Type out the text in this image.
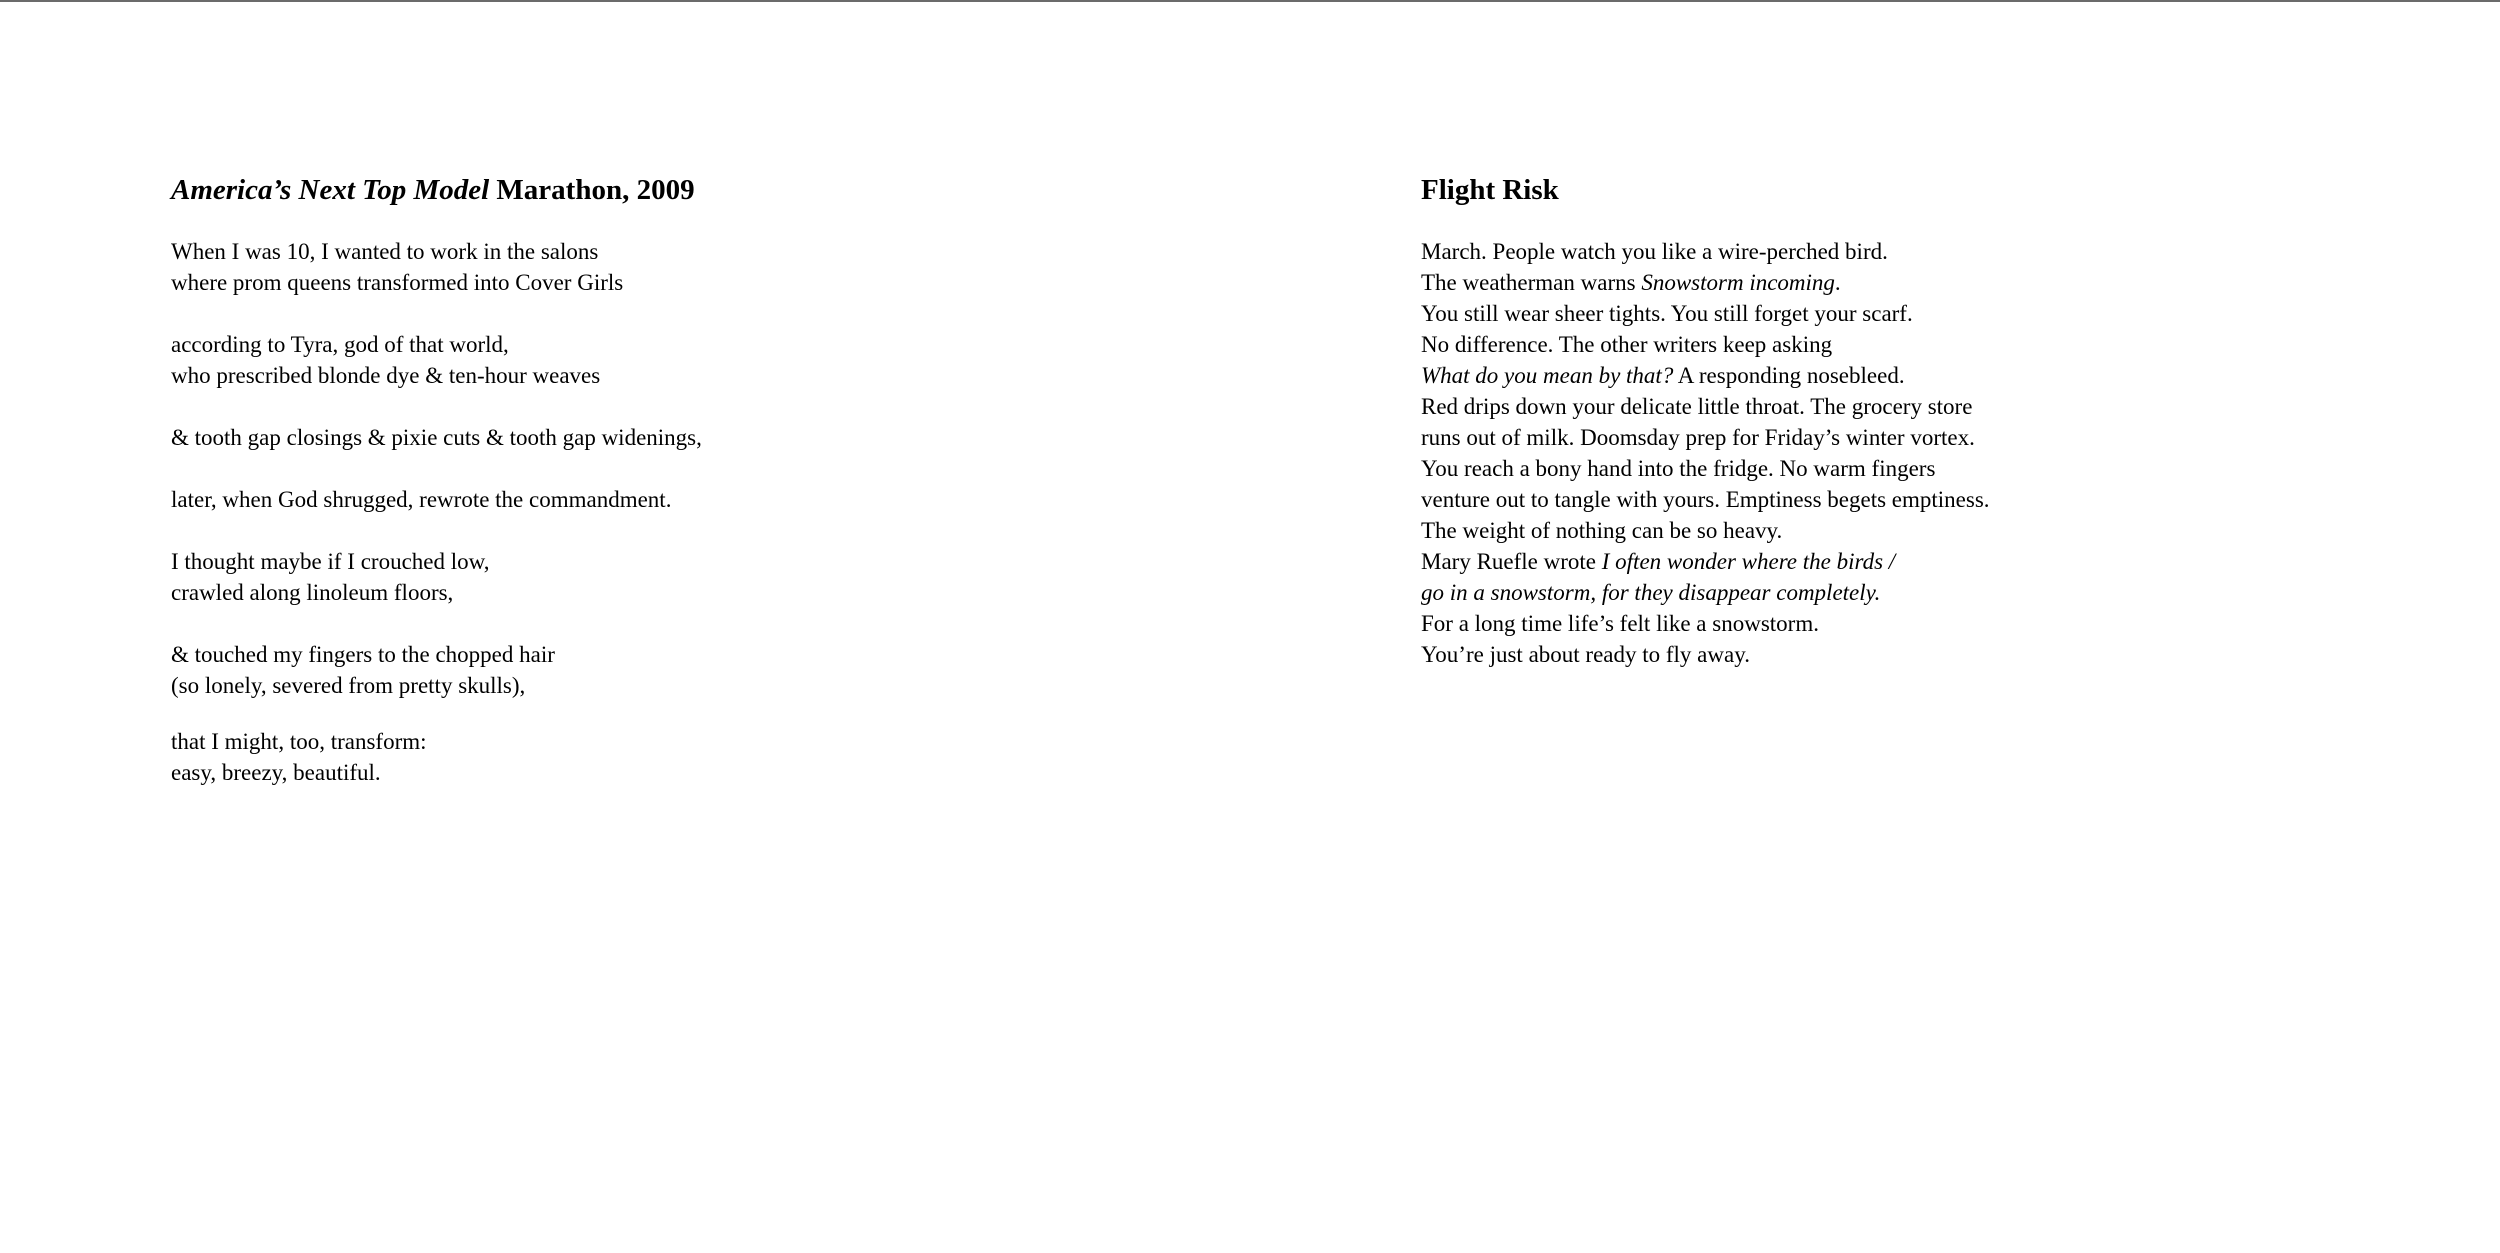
America’s Next Top Model Marathon, 2009
When I was 10, I wanted to work in the salons
where prom queens transformed into Cover Girls
according to Tyra, god of that world,
who prescribed blonde dye & ten-hour weaves
& tooth gap closings & pixie cuts & tooth gap widenings,
later, when God shrugged, rewrote the commandment.
I thought maybe if I crouched low,
crawled along linoleum floors,
& touched my fingers to the chopped hair
(so lonely, severed from pretty skulls),
that I might, too, transform:
easy, breezy, beautiful.
Flight Risk
March. People watch you like a wire-perched bird.
The weatherman warns Snowstorm incoming.
You still wear sheer tights. You still forget your scarf.
No difference. The other writers keep asking
What do you mean by that? A responding nosebleed.
Red drips down your delicate little throat. The grocery store
runs out of milk. Doomsday prep for Friday’s winter vortex.
You reach a bony hand into the fridge. No warm fingers
venture out to tangle with yours. Emptiness begets emptiness.
The weight of nothing can be so heavy.
Mary Ruefle wrote I often wonder where the birds /
go in a snowstorm, for they disappear completely.
For a long time life’s felt like a snowstorm.
You’re just about ready to fly away.
